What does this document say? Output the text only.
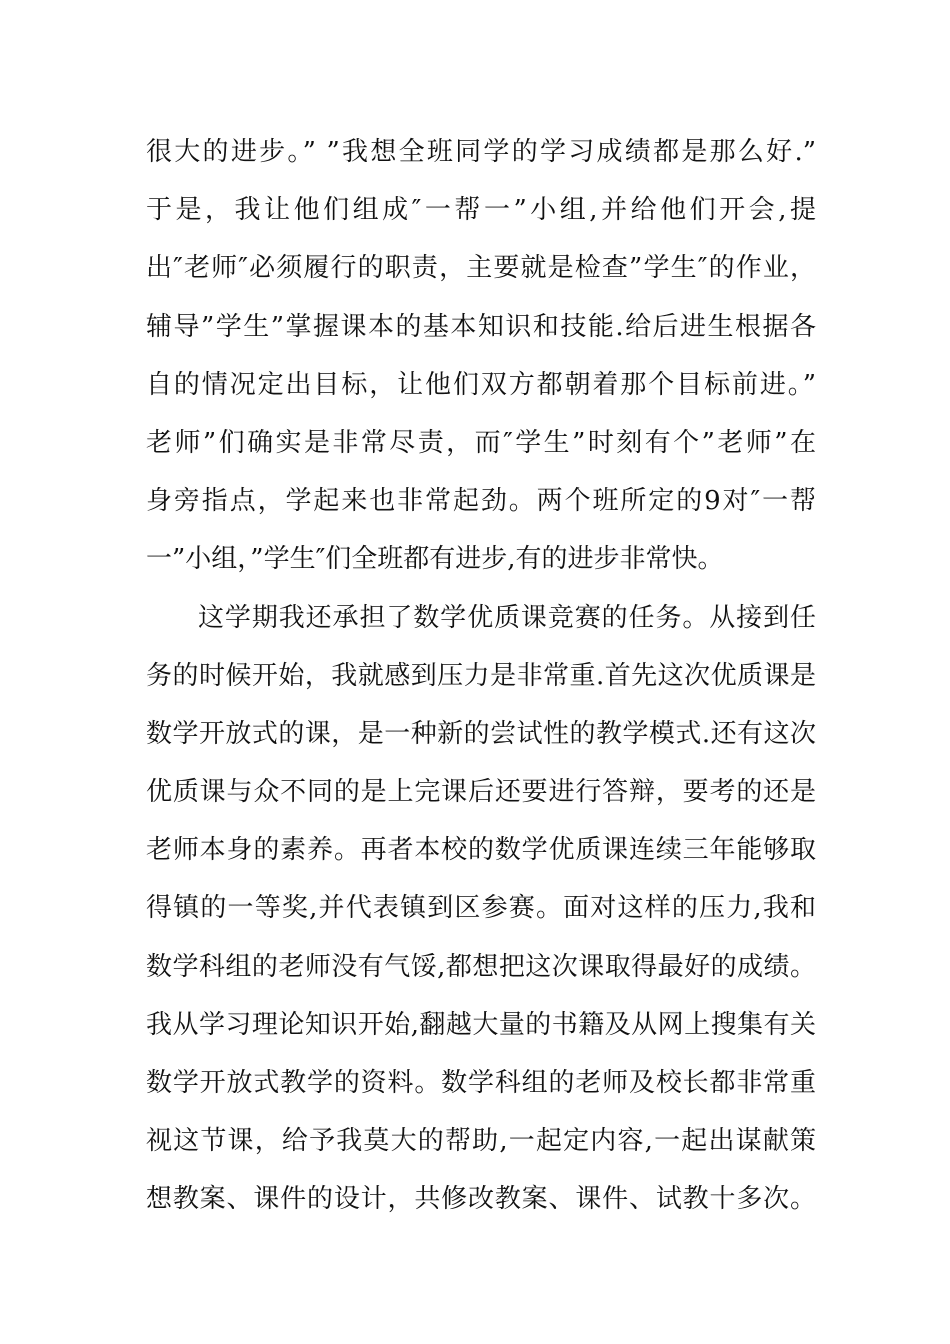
很大的进步。” ”我想全班同学的学习成绩都是那么好.”
于是，我让他们组成″一帮一”小组,并给他们开会,提
出″老师″必须履行的职责，主要就是检查”学生″的作业，
辅导”学生”掌握课本的基本知识和技能.给后进生根据各
自的情况定出目标，让他们双方都朝着那个目标前进。”
老师”们确实是非常尽责，而″学生”时刻有个”老师”在
身旁指点，学起来也非常起劲。两个班所定的9对″一帮
一”小组，”学生″们全班都有进步,有的进步非常快。
这学期我还承担了数学优质课竞赛的任务。从接到任
务的时候开始，我就感到压力是非常重.首先这次优质课是
数学开放式的课，是一种新的尝试性的教学模式.还有这次
优质课与众不同的是上完课后还要进行答辩，要考的还是
老师本身的素养。再者本校的数学优质课连续三年能够取
得镇的一等奖,并代表镇到区参赛。面对这样的压力,我和
数学科组的老师没有气馁,都想把这次课取得最好的成绩。
我从学习理论知识开始,翻越大量的书籍及从网上搜集有关
数学开放式教学的资料。数学科组的老师及校长都非常重
视这节课，给予我莫大的帮助,一起定内容,一起出谋献策
想教案、课件的设计，共修改教案、课件、试教十多次。
